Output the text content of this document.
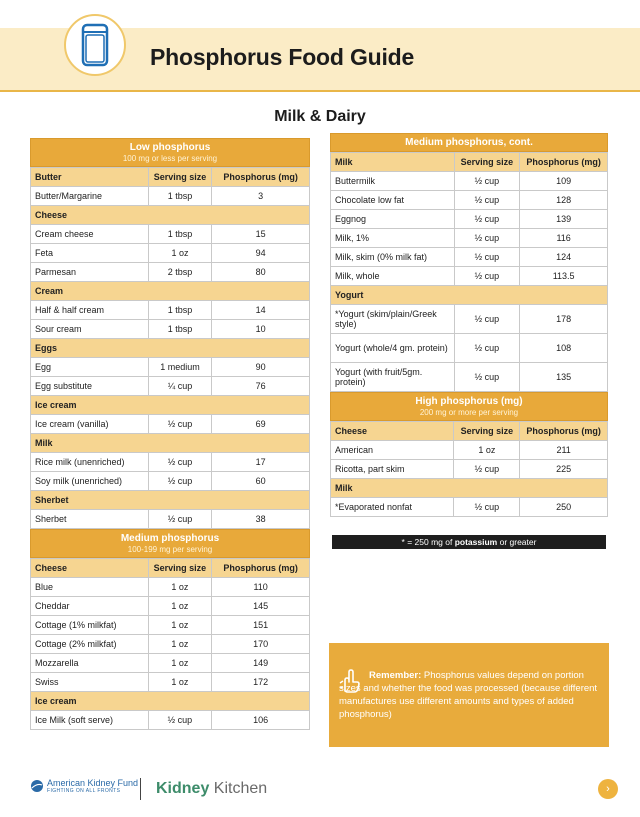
Phosphorus Food Guide
Milk & Dairy
Low phosphorus
100 mg or less per serving
Butter	Serving size	Phosphorus (mg)
Butter/Margarine	1 tbsp	3
Cheese		
Cream cheese	1 tbsp	15
Feta	1 oz	94
Parmesan	2 tbsp	80
Cream		
Half & half cream	1 tbsp	14
Sour cream	1 tbsp	10
Eggs		
Egg	1 medium	90
Egg substitute	¼ cup	76
Ice cream		
Ice cream (vanilla)	½ cup	69
Milk		
Rice milk (unenriched)	½ cup	17
Soy milk (unenriched)	½ cup	60
Sherbet		
Sherbet	½ cup	38
Medium phosphorus
100-199 mg per serving
Cheese	Serving size	Phosphorus (mg)
Blue	1 oz	110
Cheddar	1 oz	145
Cottage (1% milkfat)	1 oz	151
Cottage (2% milkfat)	1 oz	170
Mozzarella	1 oz	149
Swiss	1 oz	172
Ice cream		
Ice Milk (soft serve)	½ cup	106
Medium phosphorus, cont.
Milk	Serving size	Phosphorus (mg)
Buttermilk	½ cup	109
Chocolate low fat	½ cup	128
Eggnog	½ cup	139
Milk, 1%	½ cup	116
Milk, skim (0% milk fat)	½ cup	124
Milk, whole	½ cup	113.5
Yogurt		
*Yogurt (skim/plain/Greek style)	½ cup	178
Yogurt (whole/4 gm. protein)	½ cup	108
Yogurt (with fruit/5gm. protein)	½ cup	135
High phosphorus (mg)
200 mg or more per serving
Cheese	Serving size	Phosphorus (mg)
American	1 oz	211
Ricotta, part skim	½ cup	225
Milk		
*Evaporated nonfat	½ cup	250
* = 250 mg of potassium or greater
Remember: Phosphorus values depend on portion sizes and whether the food was processed (because different manufactures use different amounts and types of added phosphorus)
American Kidney Fund
FIGHTING ON ALL FRONTS	Kidney Kitchen	›
